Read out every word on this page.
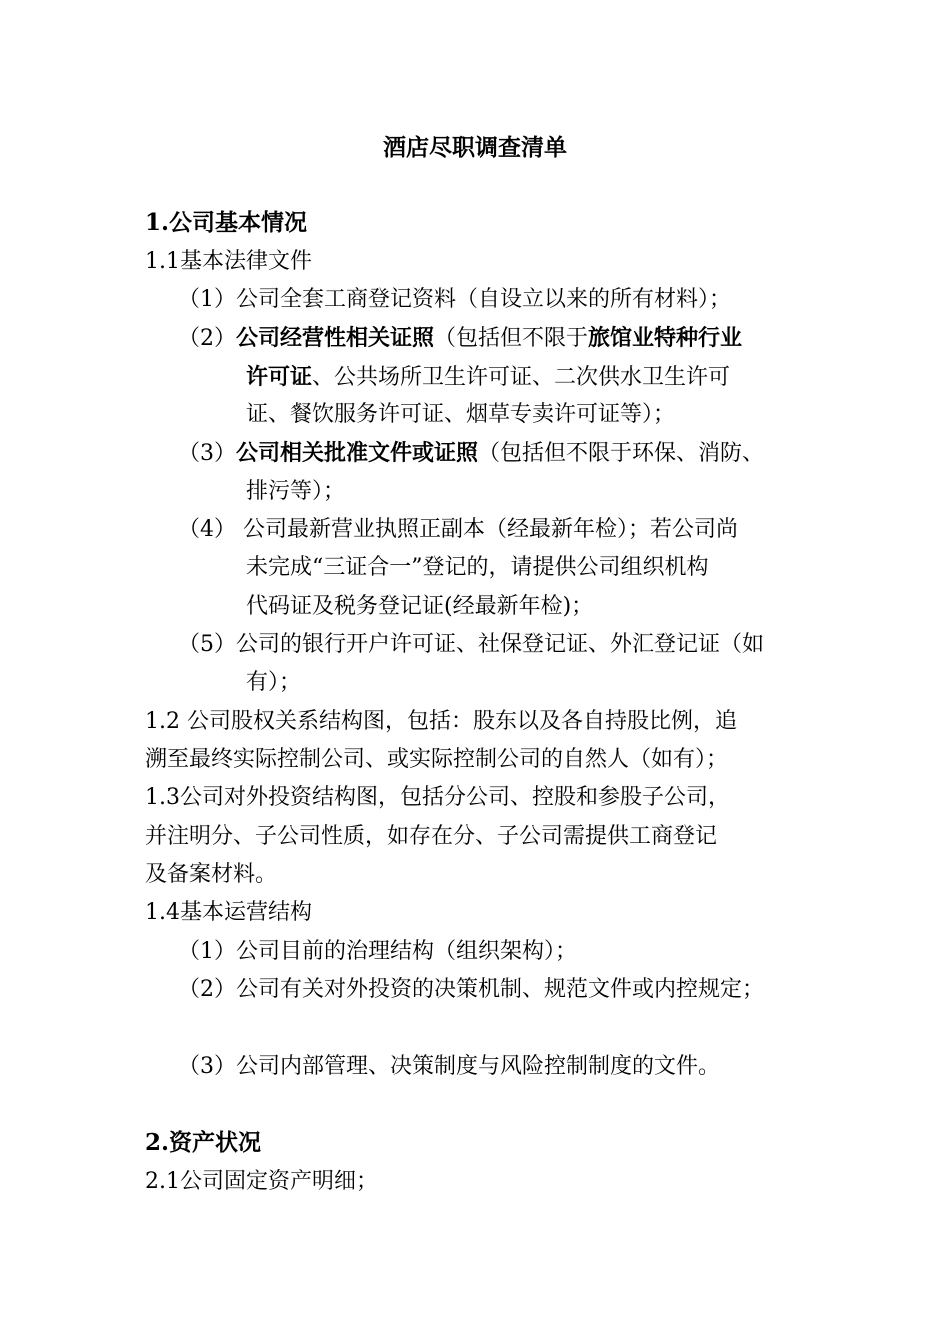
酒店尽职调查清单
1.公司基本情况
1.1基本法律文件
（1）公司全套工商登记资料（自设立以来的所有材料）；
（2）公司经营性相关证照（包括但不限于旅馆业特种行业
许可证、公共场所卫生许可证、二次供水卫生许可
证、餐饮服务许可证、烟草专卖许可证等）；
（3）公司相关批准文件或证照（包括但不限于环保、消防、
排污等）；
（4） 公司最新营业执照正副本（经最新年检）；若公司尚
未完成“三证合一”登记的，请提供公司组织机构
代码证及税务登记证(经最新年检)；
（5）公司的银行开户许可证、社保登记证、外汇登记证（如
有）；
1.2 公司股权关系结构图，包括：股东以及各自持股比例，追
溯至最终实际控制公司、或实际控制公司的自然人（如有）；
1.3公司对外投资结构图，包括分公司、控股和参股子公司，
并注明分、子公司性质，如存在分、子公司需提供工商登记
及备案材料。
1.4基本运营结构
（1）公司目前的治理结构（组织架构）；
（2）公司有关对外投资的决策机制、规范文件或内控规定；
（3）公司内部管理、决策制度与风险控制制度的文件。
2.资产状况
2.1公司固定资产明细；
